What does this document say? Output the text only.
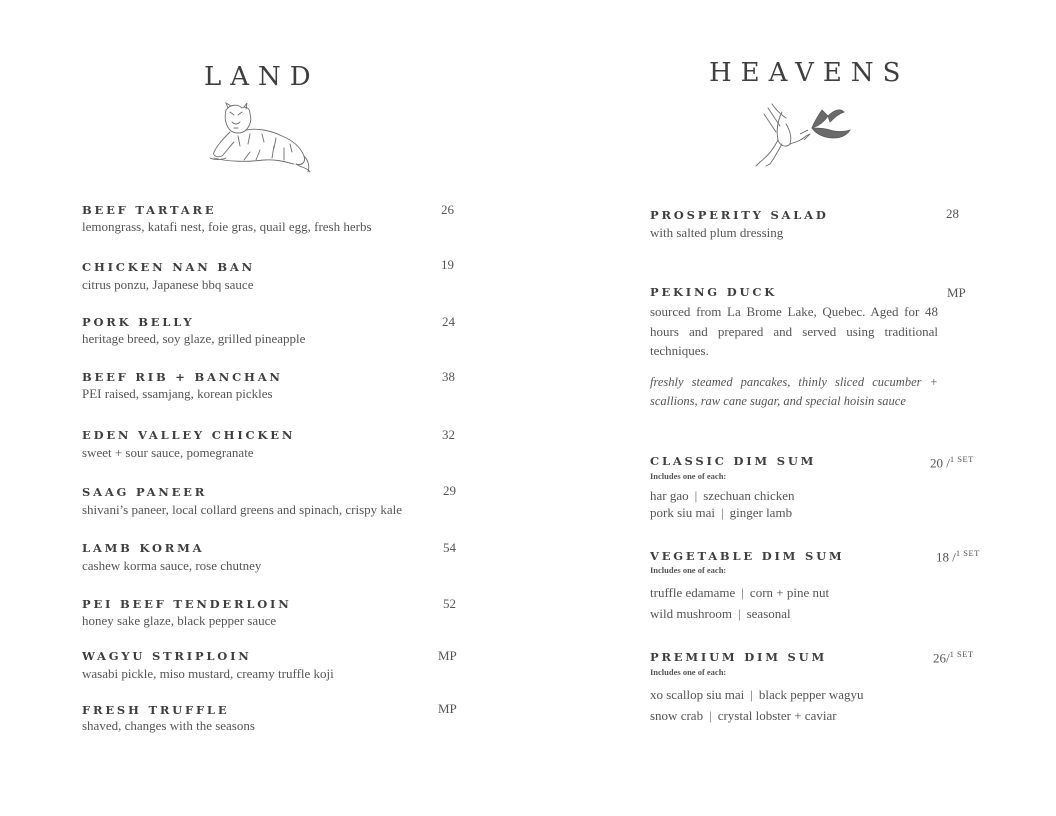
LAND
BEEF TARTARE	26
lemongrass, katafi nest, foie gras, quail egg, fresh herbs
CHICKEN NAN BAN	19
citrus ponzu, Japanese bbq sauce
PORK BELLY	24
heritage breed, soy glaze, grilled pineapple
BEEF RIB + BANCHAN	38
PEI raised, ssamjang, korean pickles
EDEN VALLEY CHICKEN	32
sweet + sour sauce, pomegranate
SAAG PANEER	29
shivani’s paneer, local collard greens and spinach, crispy kale
LAMB KORMA	54
cashew korma sauce, rose chutney
PEI BEEF TENDERLOIN	52
honey sake glaze, black pepper sauce
WAGYU STRIPLOIN	MP
wasabi pickle, miso mustard, creamy truffle koji
FRESH TRUFFLE	MP
shaved, changes with the seasons
HEAVENS
PROSPERITY SALAD	28
with salted plum dressing
PEKING DUCK	MP
sourced from La Brome Lake, Quebec. Aged for 48 hours and prepared and served using traditional techniques.
freshly steamed pancakes, thinly sliced cucumber + scallions, raw cane sugar, and special hoisin sauce
CLASSIC DIM SUM	20 /$^{1 SET}$
Includes one of each:
har gao | szechuan chicken
pork siu mai | ginger lamb
VEGETABLE DIM SUM	18 /$^{1 SET}$
Includes one of each:
truffle edamame | corn + pine nut
wild mushroom | seasonal
PREMIUM DIM SUM	26/$^{1 SET}$
Includes one of each:
xo scallop siu mai | black pepper wagyu
snow crab | crystal lobster + caviar
